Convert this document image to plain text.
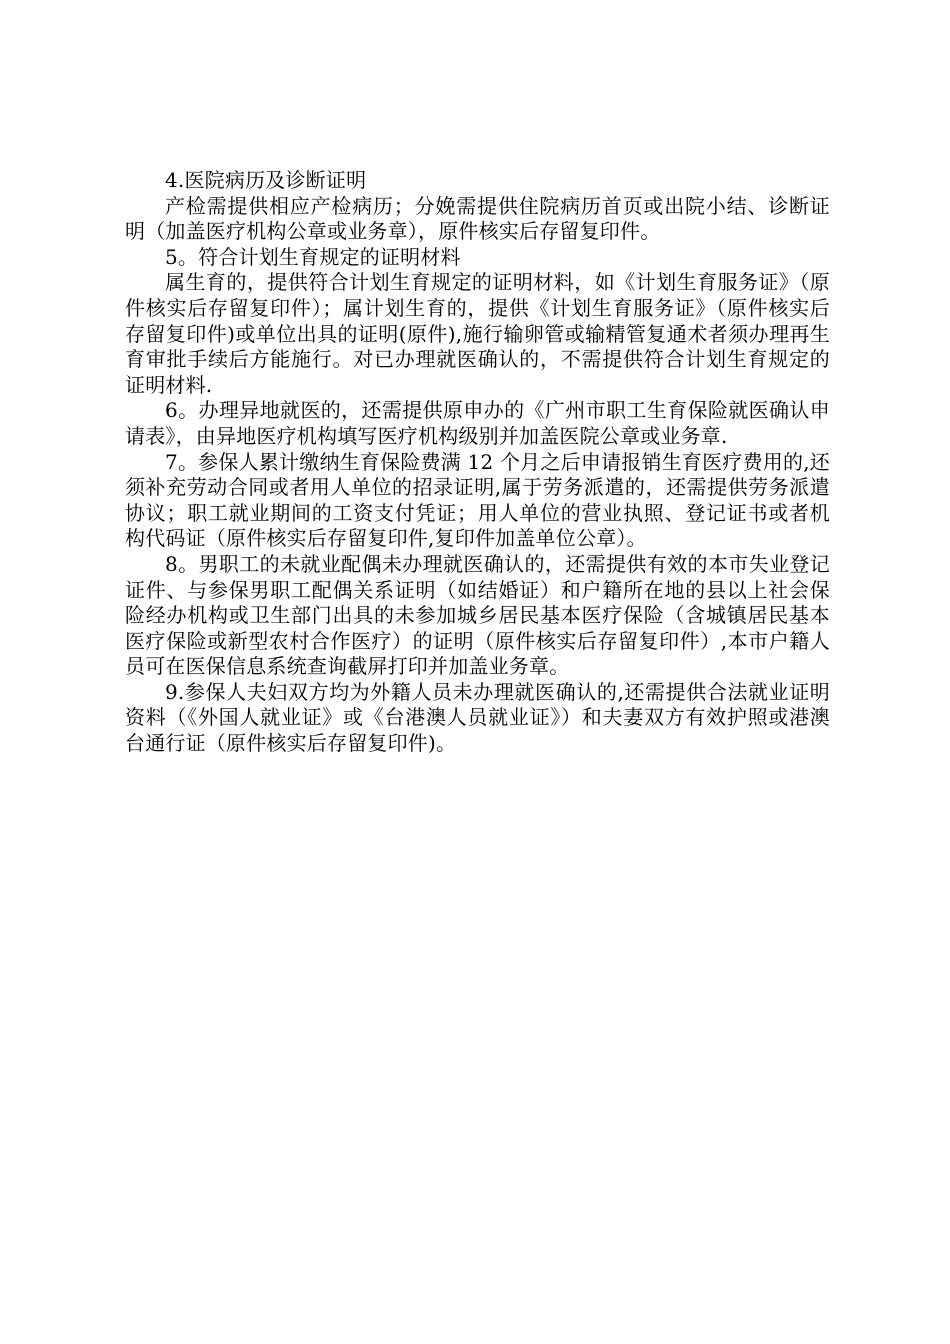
4.医院病历及诊断证明

产检需提供相应产检病历；分娩需提供住院病历首页或出院小结、诊断证明（加盖医疗机构公章或业务章），原件核实后存留复印件。

5。符合计划生育规定的证明材料

属生育的，提供符合计划生育规定的证明材料，如《计划生育服务证》（原件核实后存留复印件）；属计划生育的，提供《计划生育服务证》（原件核实后存留复印件)或单位出具的证明(原件),施行输卵管或输精管复通术者须办理再生育审批手续后方能施行。对已办理就医确认的，不需提供符合计划生育规定的证明材料.

6。办理异地就医的，还需提供原申办的《广州市职工生育保险就医确认申请表》，由异地医疗机构填写医疗机构级别并加盖医院公章或业务章.

7。参保人累计缴纳生育保险费满 12 个月之后申请报销生育医疗费用的,还须补充劳动合同或者用人单位的招录证明,属于劳务派遣的，还需提供劳务派遣协议；职工就业期间的工资支付凭证；用人单位的营业执照、登记证书或者机构代码证（原件核实后存留复印件,复印件加盖单位公章）。

8。男职工的未就业配偶未办理就医确认的，还需提供有效的本市失业登记证件、与参保男职工配偶关系证明（如结婚证）和户籍所在地的县以上社会保险经办机构或卫生部门出具的未参加城乡居民基本医疗保险（含城镇居民基本医疗保险或新型农村合作医疗）的证明（原件核实后存留复印件）,本市户籍人员可在医保信息系统查询截屏打印并加盖业务章。

9.参保人夫妇双方均为外籍人员未办理就医确认的,还需提供合法就业证明资料（《外国人就业证》或《台港澳人员就业证》）和夫妻双方有效护照或港澳台通行证（原件核实后存留复印件)。
